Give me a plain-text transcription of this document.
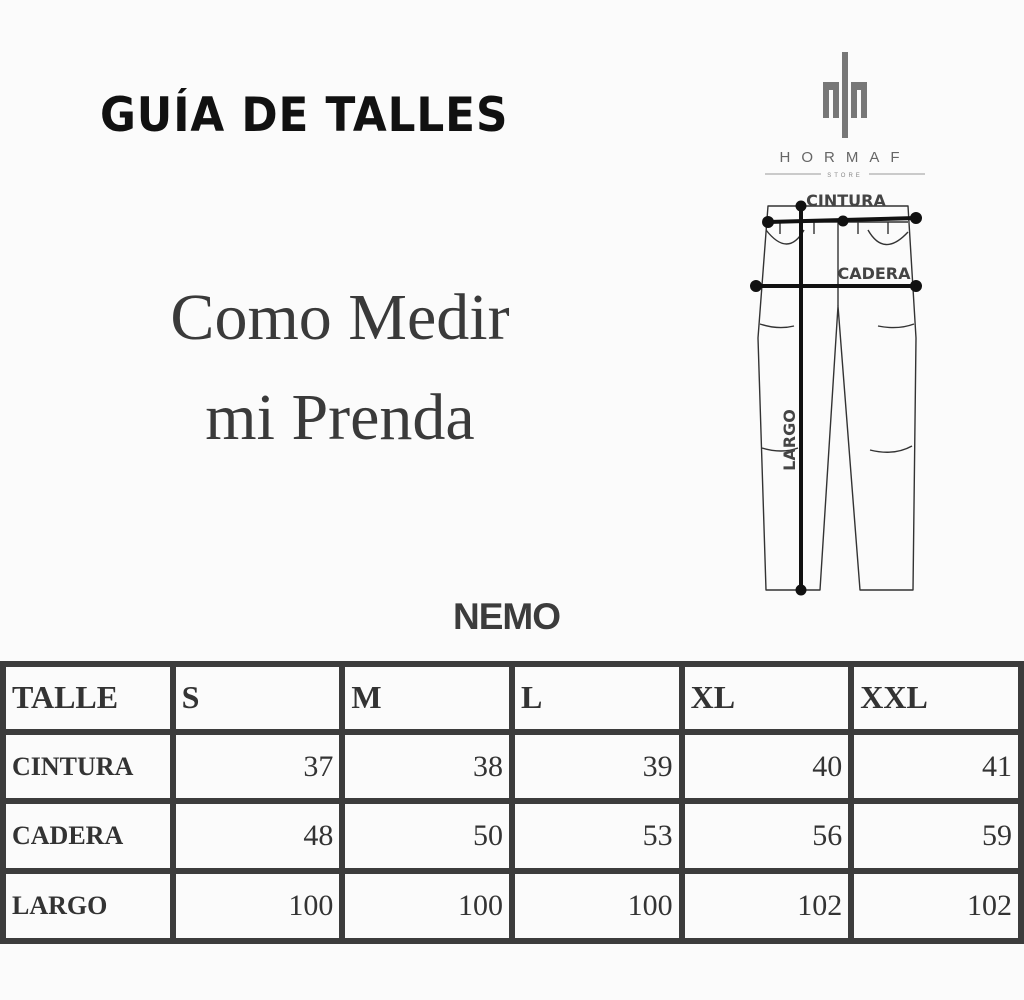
GUÍA DE TALLES
Como Medir
mi Prenda
HORMAF
STORE
CINTURA
CADERA
LARGO
NEMO
TALLE	S	M	L	XL	XXL
CINTURA	37	38	39	40	41
CADERA	48	50	53	56	59
LARGO	100	100	100	102	102
